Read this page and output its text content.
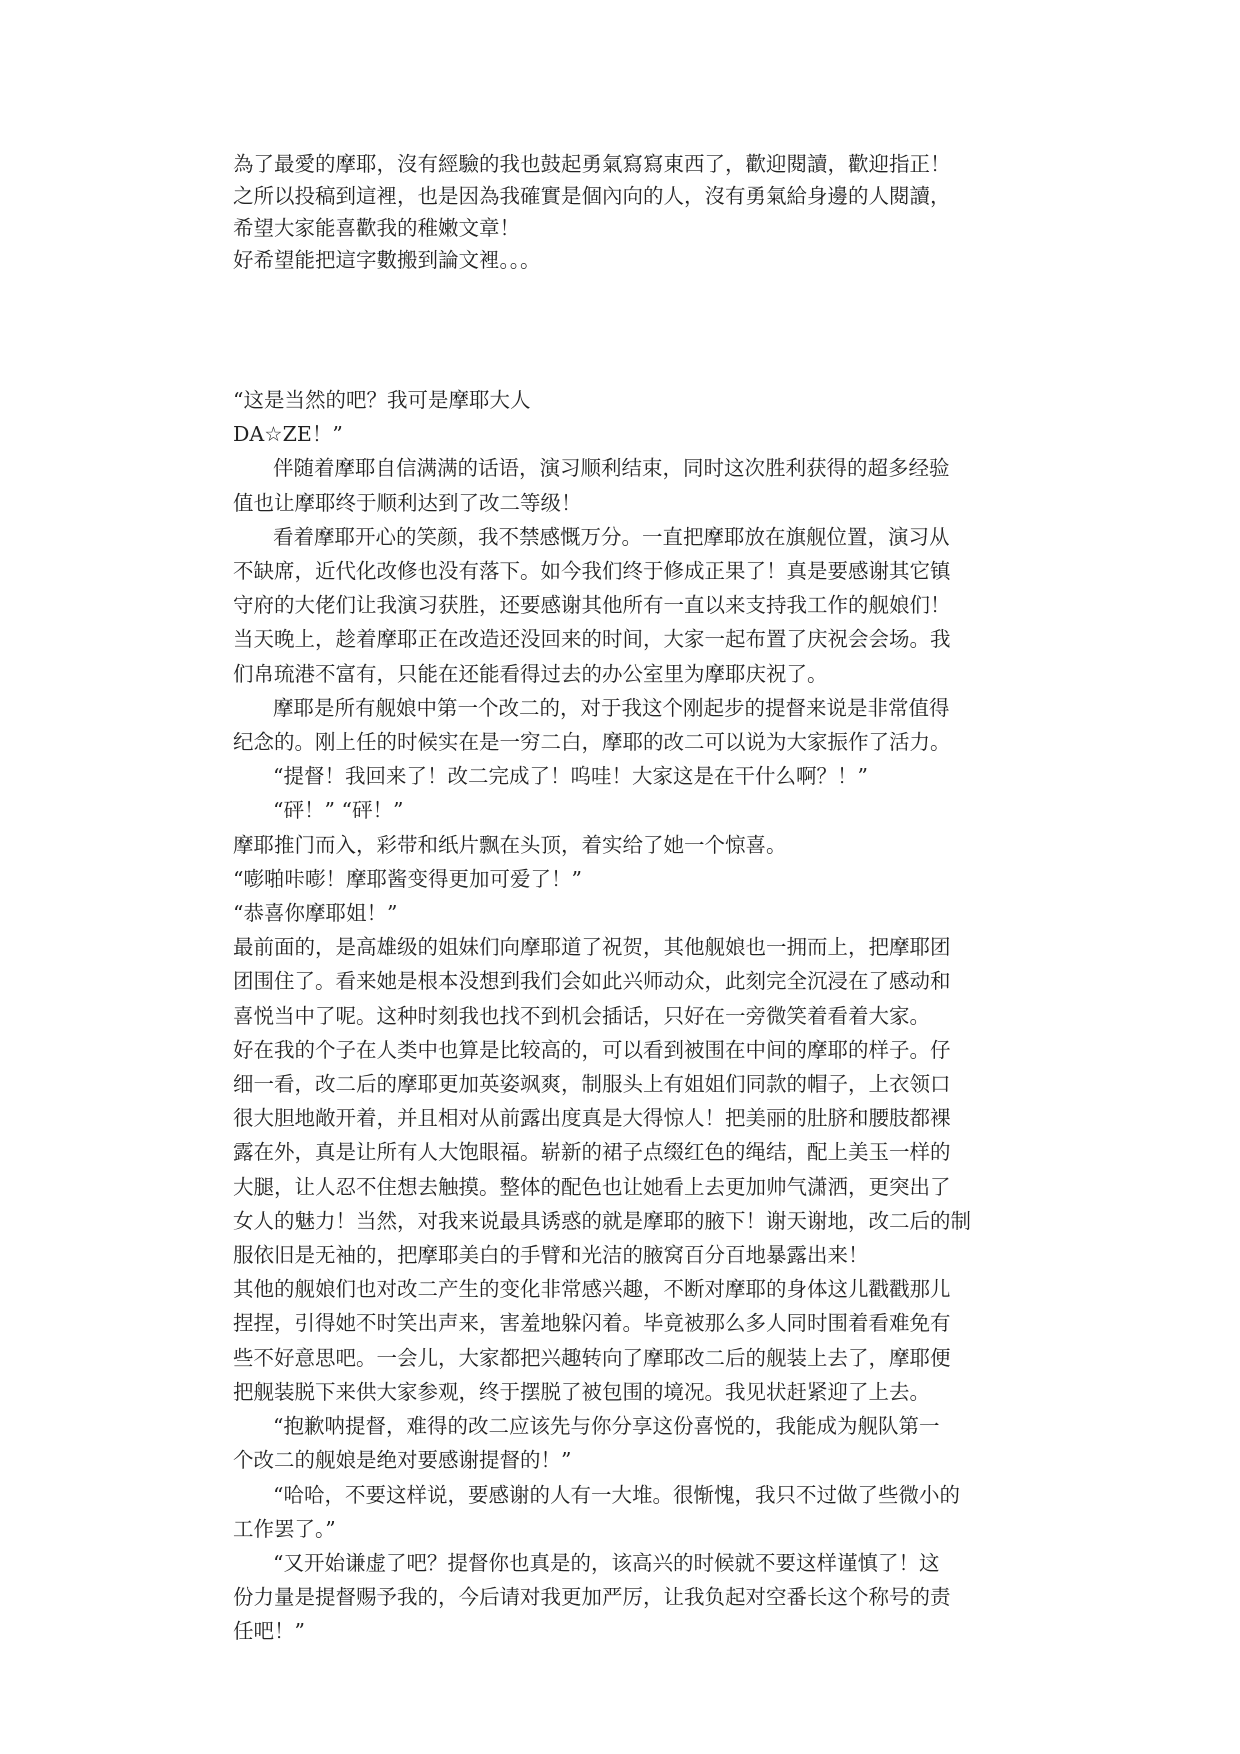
為了最愛的摩耶，沒有經驗的我也鼓起勇氣寫寫東西了，歡迎閱讀，歡迎指正！
之所以投稿到這裡，也是因為我確實是個內向的人，沒有勇氣給身邊的人閱讀，
希望大家能喜歡我的稚嫩文章！
好希望能把這字數搬到論文裡。。。
“这是当然的吧？我可是摩耶大人
DA☆ZE！”
伴随着摩耶自信满满的话语，演习顺利结束，同时这次胜利获得的超多经验
值也让摩耶终于顺利达到了改二等级！
看着摩耶开心的笑颜，我不禁感慨万分。一直把摩耶放在旗舰位置，演习从
不缺席，近代化改修也没有落下。如今我们终于修成正果了！真是要感谢其它镇
守府的大佬们让我演习获胜，还要感谢其他所有一直以来支持我工作的舰娘们！
当天晚上，趁着摩耶正在改造还没回来的时间，大家一起布置了庆祝会会场。我
们帛琉港不富有，只能在还能看得过去的办公室里为摩耶庆祝了。
摩耶是所有舰娘中第一个改二的，对于我这个刚起步的提督来说是非常值得
纪念的。刚上任的时候实在是一穷二白，摩耶的改二可以说为大家振作了活力。
“提督！我回来了！改二完成了！呜哇！大家这是在干什么啊？！”
“砰！” “砰！”
摩耶推门而入，彩带和纸片飘在头顶，着实给了她一个惊喜。
“嘭啪咔嘭！摩耶酱变得更加可爱了！”
“恭喜你摩耶姐！”
最前面的，是高雄级的姐妹们向摩耶道了祝贺，其他舰娘也一拥而上，把摩耶团
团围住了。看来她是根本没想到我们会如此兴师动众，此刻完全沉浸在了感动和
喜悦当中了呢。这种时刻我也找不到机会插话，只好在一旁微笑着看着大家。
好在我的个子在人类中也算是比较高的，可以看到被围在中间的摩耶的样子。仔
细一看，改二后的摩耶更加英姿飒爽，制服头上有姐姐们同款的帽子，上衣领口
很大胆地敞开着，并且相对从前露出度真是大得惊人！把美丽的肚脐和腰肢都裸
露在外，真是让所有人大饱眼福。崭新的裙子点缀红色的绳结，配上美玉一样的
大腿，让人忍不住想去触摸。整体的配色也让她看上去更加帅气潇洒，更突出了
女人的魅力！当然，对我来说最具诱惑的就是摩耶的腋下！谢天谢地，改二后的制
服依旧是无袖的，把摩耶美白的手臂和光洁的腋窝百分百地暴露出来！
其他的舰娘们也对改二产生的变化非常感兴趣，不断对摩耶的身体这儿戳戳那儿
捏捏，引得她不时笑出声来，害羞地躲闪着。毕竟被那么多人同时围着看难免有
些不好意思吧。一会儿，大家都把兴趣转向了摩耶改二后的舰装上去了，摩耶便
把舰装脱下来供大家参观，终于摆脱了被包围的境况。我见状赶紧迎了上去。
“抱歉呐提督，难得的改二应该先与你分享这份喜悦的，我能成为舰队第一
个改二的舰娘是绝对要感谢提督的！”
“哈哈，不要这样说，要感谢的人有一大堆。很惭愧，我只不过做了些微小的
工作罢了。”
“又开始谦虚了吧？提督你也真是的，该高兴的时候就不要这样谨慎了！这
份力量是提督赐予我的，今后请对我更加严厉，让我负起对空番长这个称号的责
任吧！”
